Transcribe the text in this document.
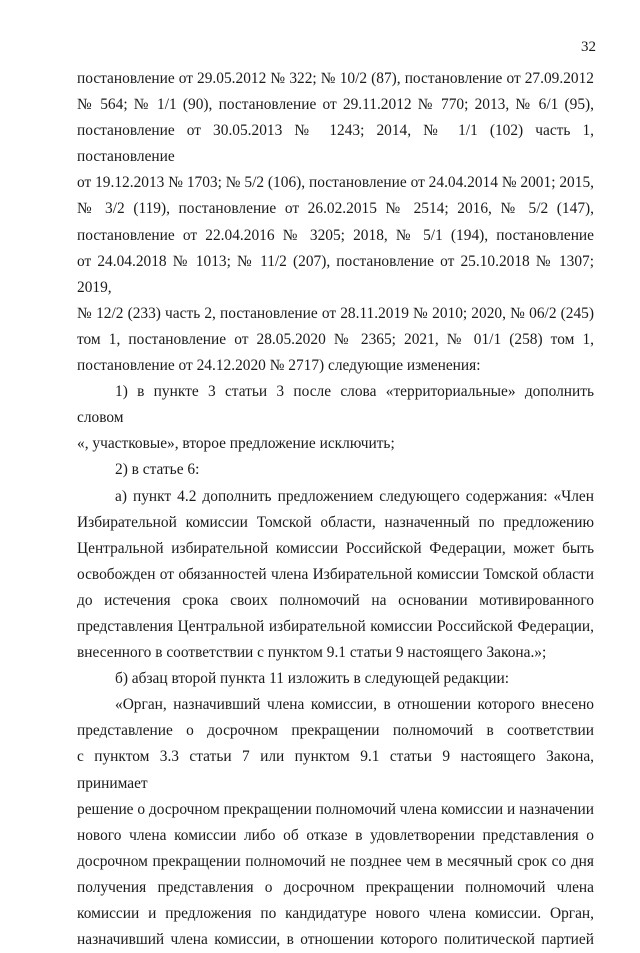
32
постановление от 29.05.2012 № 322; № 10/2 (87), постановление от 27.09.2012
№ 564; № 1/1 (90), постановление от 29.11.2012 № 770; 2013, № 6/1 (95),
постановление от 30.05.2013 № 1243; 2014, № 1/1 (102) часть 1, постановление
от 19.12.2013 № 1703; № 5/2 (106), постановление от 24.04.2014 № 2001; 2015,
№ 3/2 (119), постановление от 26.02.2015 № 2514; 2016, № 5/2 (147),
постановление от 22.04.2016 № 3205; 2018, № 5/1 (194), постановление
от 24.04.2018 № 1013; № 11/2 (207), постановление от 25.10.2018 № 1307; 2019,
№ 12/2 (233) часть 2, постановление от 28.11.2019 № 2010; 2020, № 06/2 (245)
том 1, постановление от 28.05.2020 № 2365; 2021, № 01/1 (258) том 1,
постановление от 24.12.2020 № 2717) следующие изменения:
1) в пункте 3 статьи 3 после слова «территориальные» дополнить словом
«, участковые», второе предложение исключить;
2) в статье 6:
а) пункт 4.2 дополнить предложением следующего содержания: «Член
Избирательной комиссии Томской области, назначенный по предложению
Центральной избирательной комиссии Российской Федерации, может быть
освобожден от обязанностей члена Избирательной комиссии Томской области
до истечения срока своих полномочий на основании мотивированного
представления Центральной избирательной комиссии Российской Федерации,
внесенного в соответствии с пунктом 9.1 статьи 9 настоящего Закона.»;
б) абзац второй пункта 11 изложить в следующей редакции:
«Орган, назначивший члена комиссии, в отношении которого внесено
представление о досрочном прекращении полномочий в соответствии
с пунктом 3.3 статьи 7 или пунктом 9.1 статьи 9 настоящего Закона, принимает
решение о досрочном прекращении полномочий члена комиссии и назначении
нового члена комиссии либо об отказе в удовлетворении представления о
досрочном прекращении полномочий не позднее чем в месячный срок со дня
получения представления о досрочном прекращении полномочий члена
комиссии и предложения по кандидатуре нового члена комиссии. Орган,
назначивший члена комиссии, в отношении которого политической партией
